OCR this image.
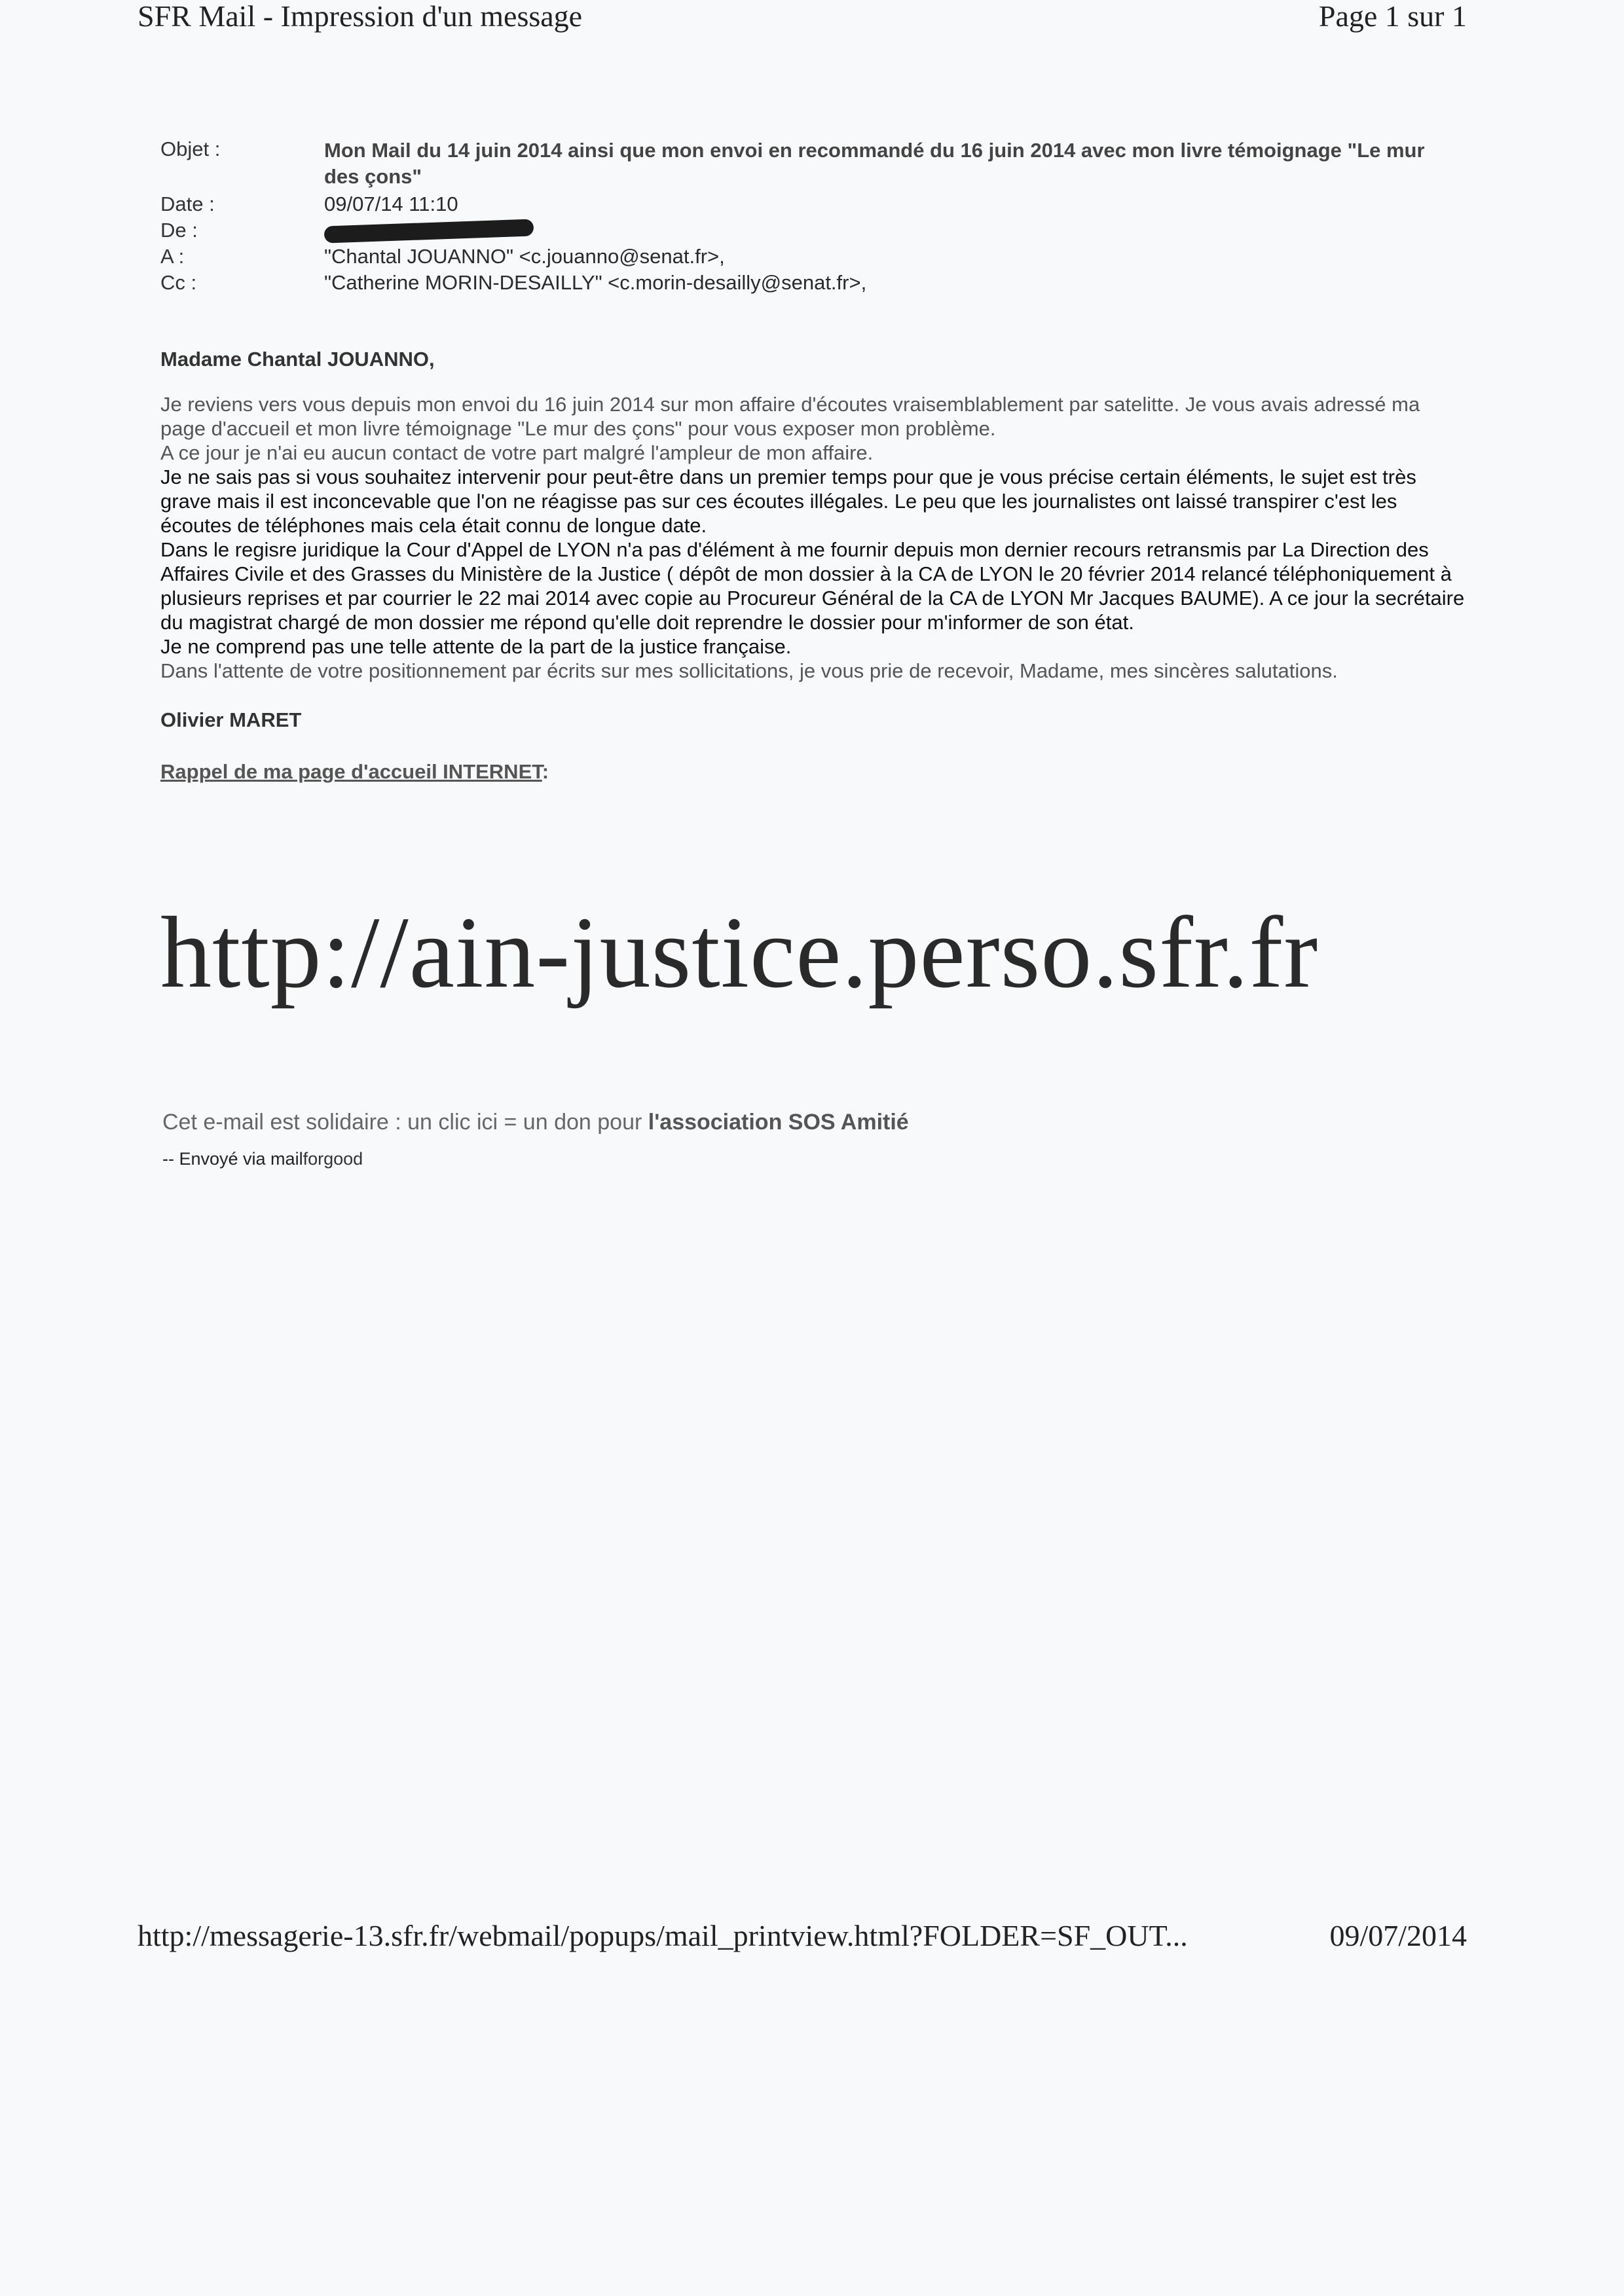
SFR Mail - Impression d'un message	Page 1 sur 1
Objet :	Mon Mail du 14 juin 2014 ainsi que mon envoi en recommandé du 16 juin 2014 avec mon livre témoignage "Le mur des çons"
Date :	09/07/14 11:10
De :
A :	"Chantal JOUANNO" <c.jouanno@senat.fr>,
Cc :	"Catherine MORIN-DESAILLY" <c.morin-desailly@senat.fr>,
Madame Chantal JOUANNO,

Je reviens vers vous depuis mon envoi du 16 juin 2014 sur mon affaire d'écoutes vraisemblablement par satelitte. Je vous avais adressé ma page d'accueil et mon livre témoignage "Le mur des çons" pour vous exposer mon problème.

A ce jour je n'ai eu aucun contact de votre part malgré l'ampleur de mon affaire.

Je ne sais pas si vous souhaitez intervenir pour peut-être dans un premier temps pour que je vous précise certain éléments, le sujet est très grave mais il est inconcevable que l'on ne réagisse pas sur ces écoutes illégales. Le peu que les journalistes ont laissé transpirer c'est les écoutes de téléphones mais cela était connu de longue date.

Dans le regisre juridique la Cour d'Appel de LYON n'a pas d'élément à me fournir depuis mon dernier recours retransmis par La Direction des Affaires Civile et des Grasses du Ministère de la Justice ( dépôt de mon dossier à la CA de LYON le 20 février 2014 relancé téléphoniquement à plusieurs reprises et par courrier le 22 mai 2014 avec copie au Procureur Général de la CA de LYON Mr Jacques BAUME). A ce jour la secrétaire du magistrat chargé de mon dossier me répond qu'elle doit reprendre le dossier pour m'informer de son état.

Je ne comprend pas une telle attente de la part de la justice française.

Dans l'attente de votre positionnement par écrits sur mes sollicitations, je vous prie de recevoir, Madame, mes sincères salutations.

Olivier MARET
Rappel de ma page d'accueil INTERNET:
http://ain-justice.perso.sfr.fr
Cet e-mail est solidaire : un clic ici = un don pour l'association SOS Amitié
-- Envoyé via mailforgood
http://messagerie-13.sfr.fr/webmail/popups/mail_printview.html?FOLDER=SF_OUT...	09/07/2014
